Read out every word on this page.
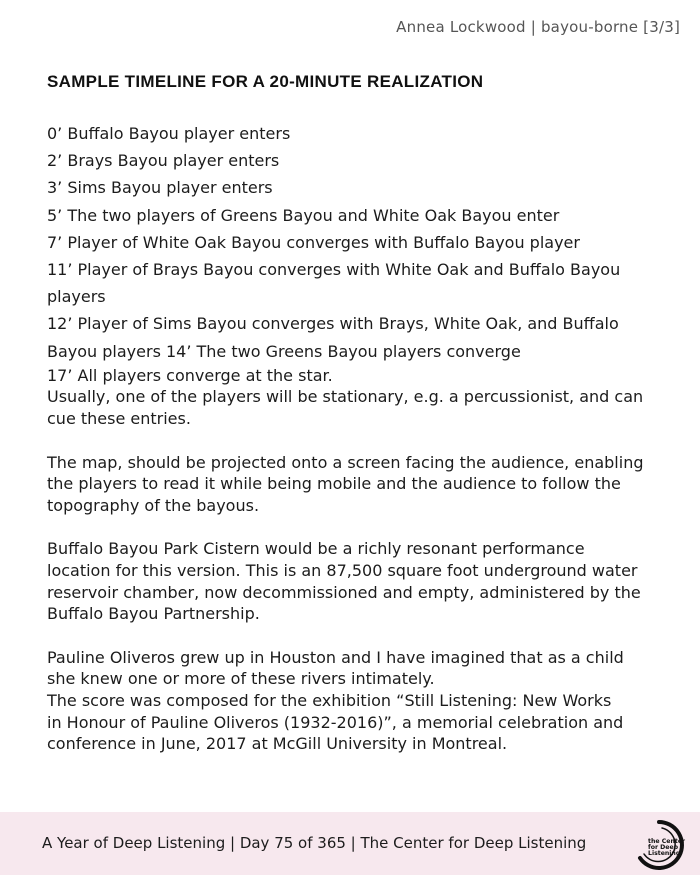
Annea Lockwood | bayou-borne [3/3]
SAMPLE TIMELINE FOR A 20-MINUTE REALIZATION
0’ Buffalo Bayou player enters
2’ Brays Bayou player enters
3’ Sims Bayou player enters
5’ The two players of Greens Bayou and White Oak Bayou enter
7’ Player of White Oak Bayou converges with Buffalo Bayou player
11’ Player of Brays Bayou converges with White Oak and Buffalo Bayou players
12’ Player of Sims Bayou converges with Brays, White Oak, and Buffalo Bayou players 14’ The two Greens Bayou players converge
17’ All players converge at the star.
Usually, one of the players will be stationary, e.g. a percussionist, and can cue these entries.
The map, should be projected onto a screen facing the audience, enabling the players to read it while being mobile and the audience to follow the topography of the bayous.
Buffalo Bayou Park Cistern would be a richly resonant performance location for this version. This is an 87,500 square foot underground water reservoir chamber, now decommissioned and empty, administered by the Buffalo Bayou Partnership.
Pauline Oliveros grew up in Houston and I have imagined that as a child she knew one or more of these rivers intimately.
The score was composed for the exhibition “Still Listening: New Works in Honour of Pauline Oliveros (1932-2016)”, a memorial celebration and conference in June, 2017 at McGill University in Montreal.
A Year of Deep Listening | Day 75 of 365 | The Center for Deep Listening	the Center
for Deep
Listening
